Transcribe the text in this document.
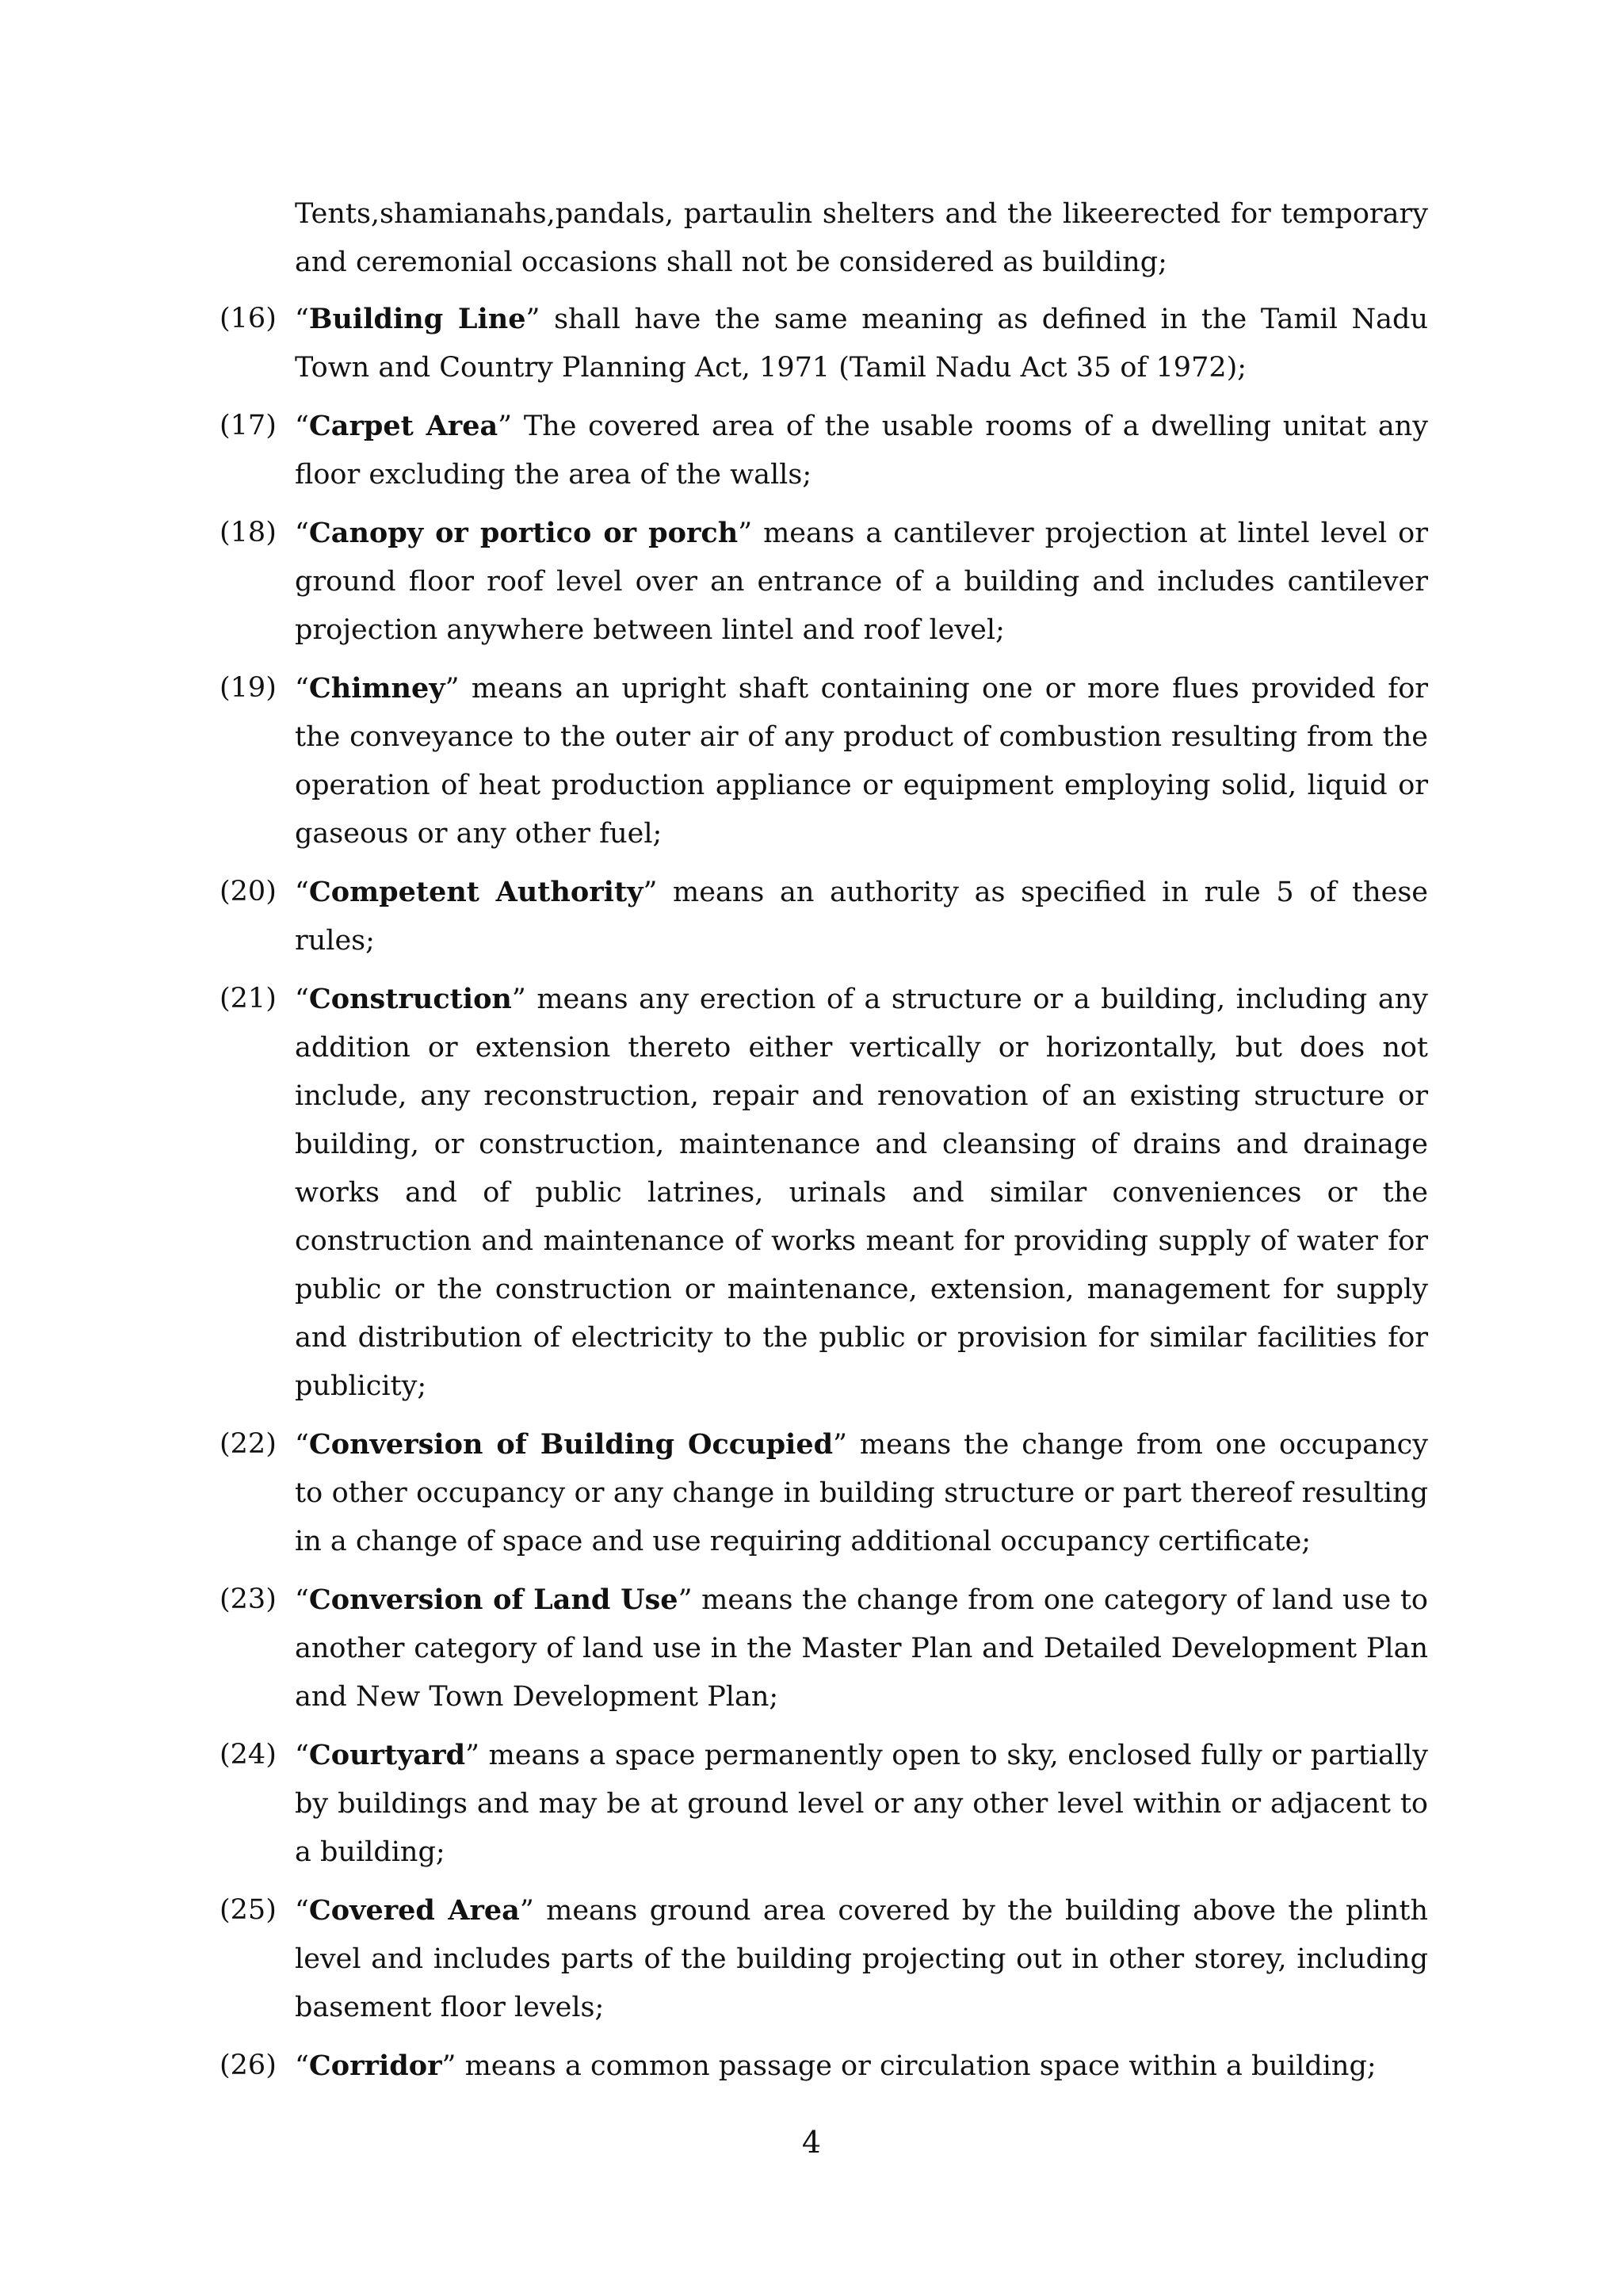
Tents,shamianahs,pandals, partaulin shelters and the likeerected for temporary and ceremonial occasions shall not be considered as building;
(16) “Building Line” shall have the same meaning as defined in the Tamil Nadu Town and Country Planning Act, 1971 (Tamil Nadu Act 35 of 1972);
(17) “Carpet Area” The covered area of the usable rooms of a dwelling unitat any floor excluding the area of the walls;
(18) “Canopy or portico or porch” means a cantilever projection at lintel level or ground floor roof level over an entrance of a building and includes cantilever projection anywhere between lintel and roof level;
(19) “Chimney” means an upright shaft containing one or more flues provided for the conveyance to the outer air of any product of combustion resulting from the operation of heat production appliance or equipment employing solid, liquid or gaseous or any other fuel;
(20) “Competent Authority” means an authority as specified in rule 5 of these rules;
(21) “Construction” means any erection of a structure or a building, including any addition or extension thereto either vertically or horizontally, but does not include, any reconstruction, repair and renovation of an existing structure or building, or construction, maintenance and cleansing of drains and drainage works and of public latrines, urinals and similar conveniences or the construction and maintenance of works meant for providing supply of water for public or the construction or maintenance, extension, management for supply and distribution of electricity to the public or provision for similar facilities for publicity;
(22) “Conversion of Building Occupied” means the change from one occupancy to other occupancy or any change in building structure or part thereof resulting in a change of space and use requiring additional occupancy certificate;
(23) “Conversion of Land Use” means the change from one category of land use to another category of land use in the Master Plan and Detailed Development Plan and New Town Development Plan;
(24) “Courtyard” means a space permanently open to sky, enclosed fully or partially by buildings and may be at ground level or any other level within or adjacent to a building;
(25) “Covered Area” means ground area covered by the building above the plinth level and includes parts of the building projecting out in other storey, including basement floor levels;
(26) “Corridor” means a common passage or circulation space within a building;
4
